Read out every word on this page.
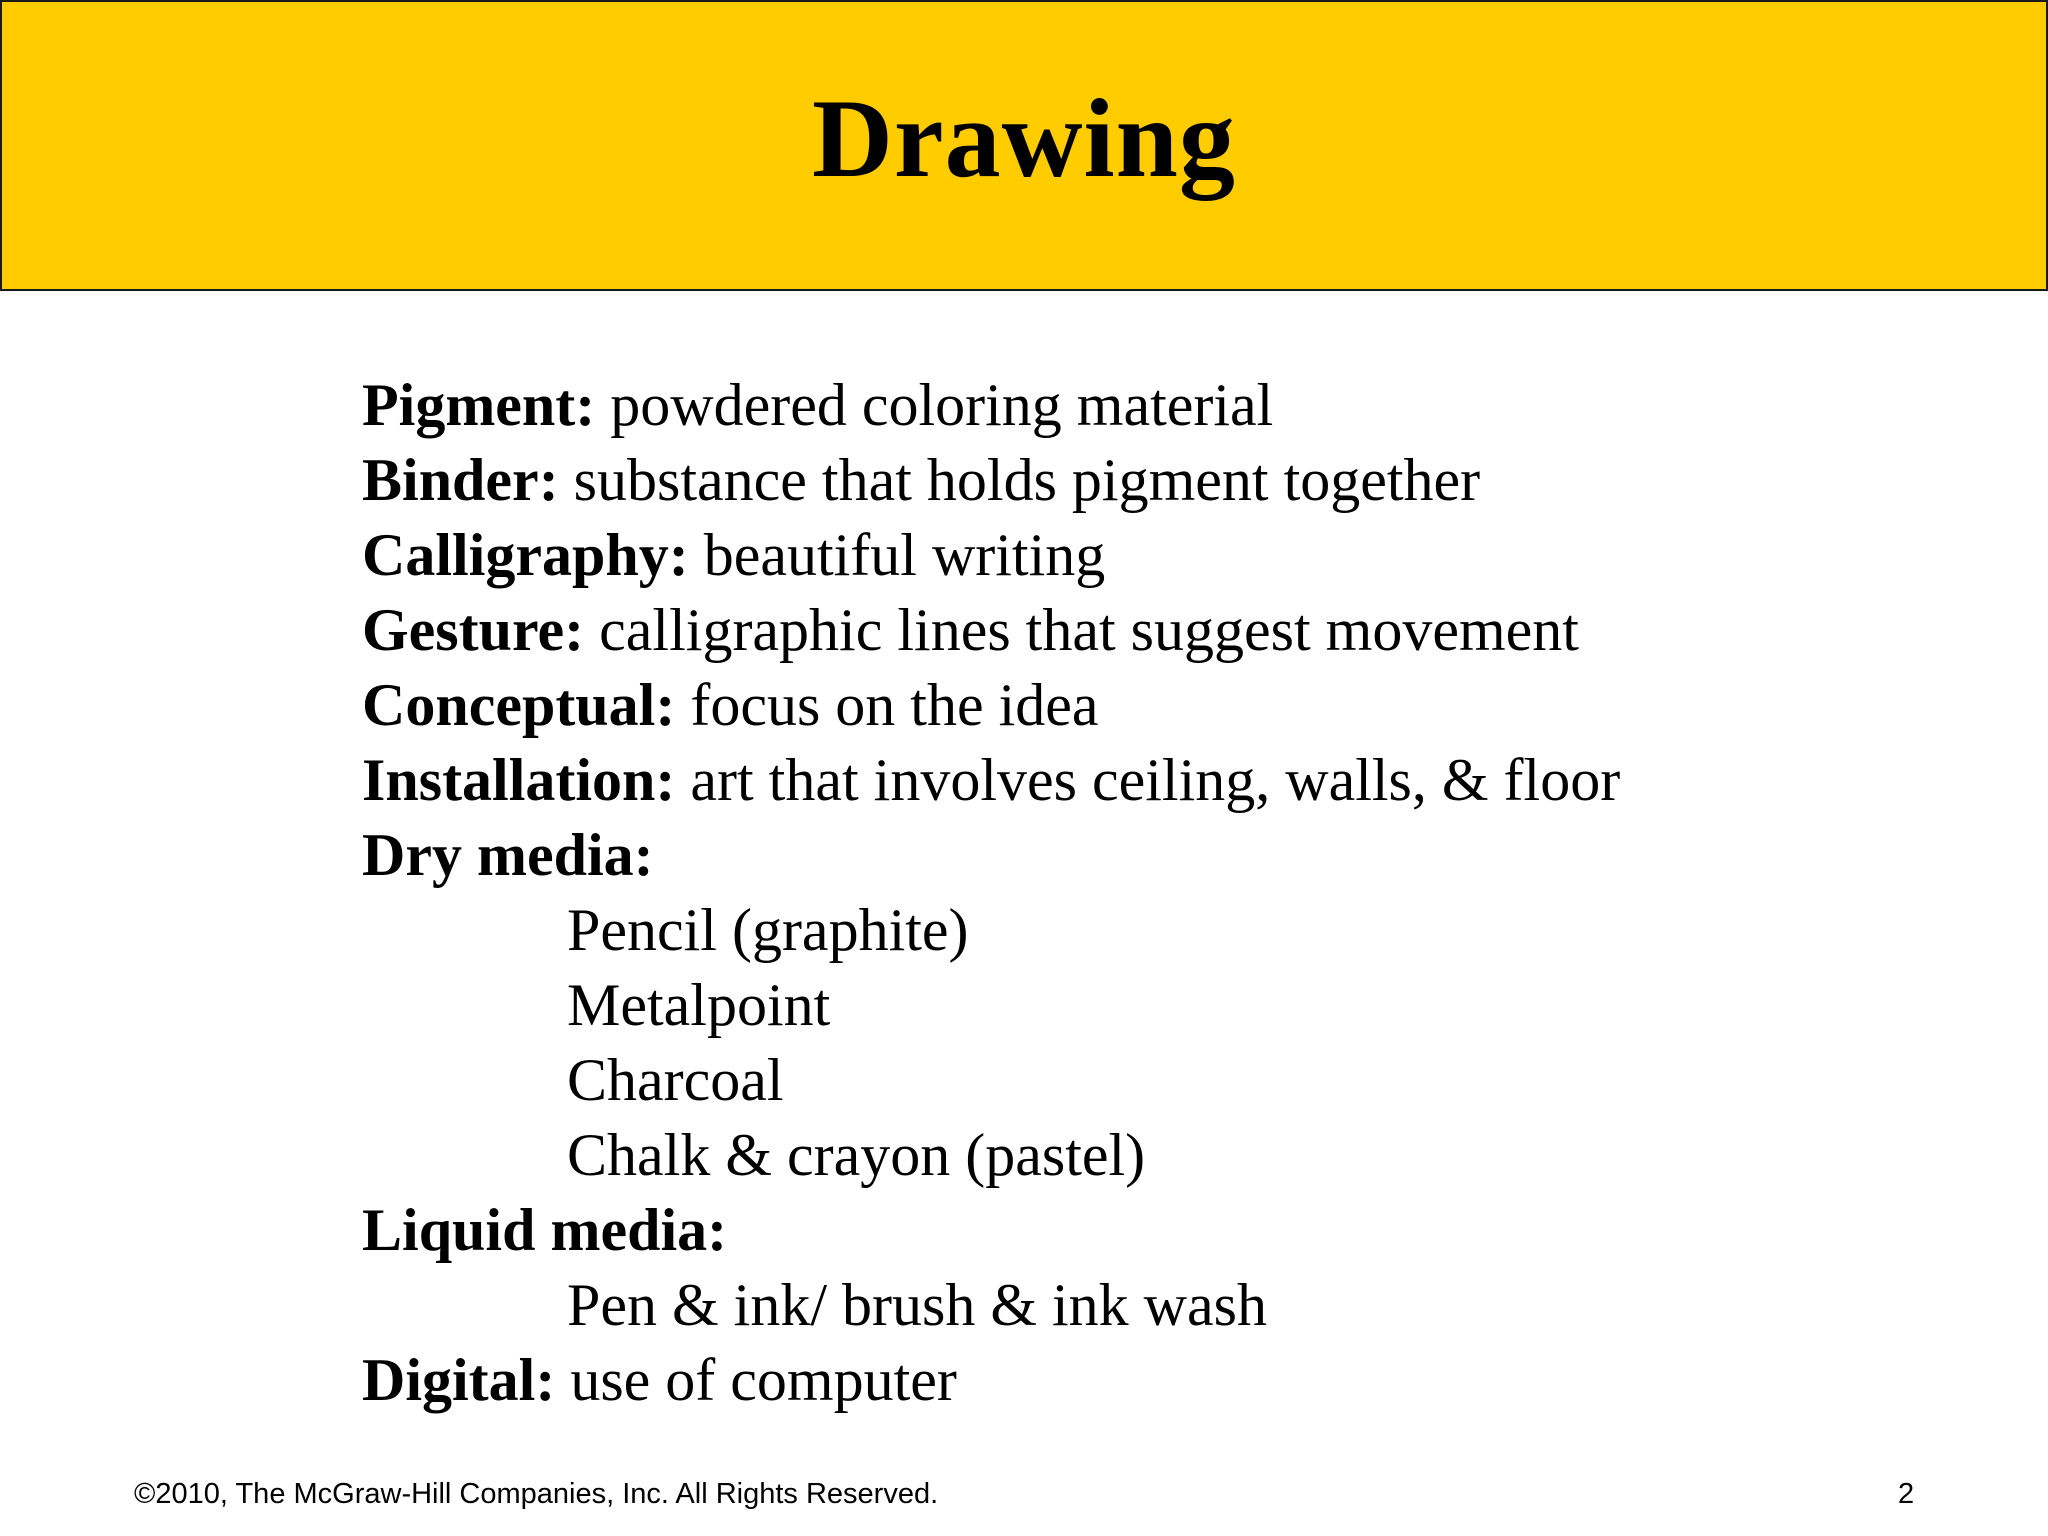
Drawing
Pigment: powdered coloring material
Binder: substance that holds pigment together
Calligraphy: beautiful writing
Gesture: calligraphic lines that suggest movement
Conceptual: focus on the idea
Installation: art that involves ceiling, walls, & floor
Dry media:
Pencil (graphite)
Metalpoint
Charcoal
Chalk & crayon (pastel)
Liquid media:
Pen & ink/ brush & ink wash
Digital: use of computer
©2010, The McGraw-Hill Companies, Inc. All Rights Reserved.	2
